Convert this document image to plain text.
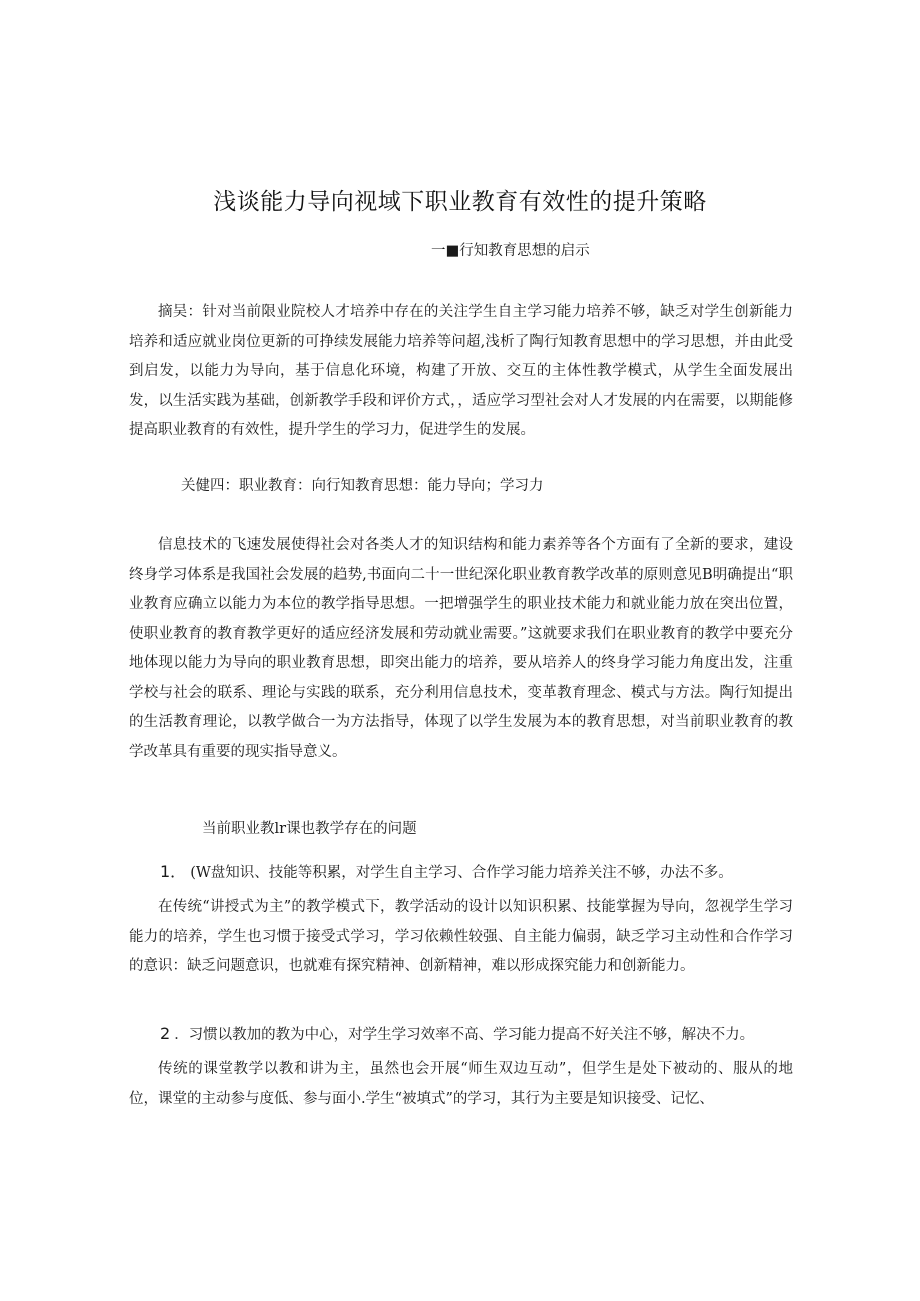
浅谈能力导向视域下职业教育有效性的提升策略
一■行知教育思想的启示

摘吴：针对当前限业院校人才培养中存在的关注学生自主学习能力培养不够，缺乏对学生创新能力培养和适应就业岗位更新的可挣续发展能力培养等问超,浅析了陶行知教育思想中的学习思想，并由此受到启发，以能力为导向，基于信息化环境，构建了开放、交互的主体性教学模式，从学生全面发展出发，以生活实践为基础，创新教学手段和评价方式，，适应学习型社会对人才发展的内在需要，以期能修提高职业教育的有效性，提升学生的学习力，促进学生的发展。

关健四：职业教育：向行知教育思想：能力导向；学习力

信息技术的飞速发展使得社会对各类人才的知识结构和能力素养等各个方面有了全新的要求，建设终身学习体系是我国社会发展的趋势,书面向二十一世纪深化职业教育教学改革的原则意见B明确提出“职业教育应确立以能力为本位的教学指导思想。一把增强学生的职业技术能力和就业能力放在突出位置，使职业教育的教育教学更好的适应经济发展和劳动就业需要。”这就要求我们在职业教育的教学中要充分地体现以能力为导向的职业教育思想，即突出能力的培养，要从培养人的终身学习能力角度出发，注重学校与社会的联系、理论与实践的联系，充分利用信息技术，变革教育理念、模式与方法。陶行知提出的生活教育理论，以教学做合一为方法指导，体现了以学生发展为本的教育思想，对当前职业教育的教学改革具有重要的现实指导意义。

当前职业教lr课也教学存在的问题
1． (W盘知识、技能等积累，对学生自主学习、合作学习能力培养关注不够，办法不多。

在传统“讲授式为主”的教学模式下，教学活动的设计以知识积累、技能掌握为导向，忽视学生学习能力的培养，学生也习惯于接受式学习，学习依赖性较强、自主能力偏弱，缺乏学习主动性和合作学习的意识：缺乏问题意识，也就难有探究精神、创新精神，难以形成探究能力和创新能力。

2 ．习惯以教加的教为中心，对学生学习效率不高、学习能力提高不好关注不够，解决不力。

传统的课堂教学以教和讲为主，虽然也会开展“师生双边互动”，但学生是处下被动的、服从的地位，课堂的主动参与度低、参与面小.学生“被填式”的学习，其行为主要是知识接受、记忆、
